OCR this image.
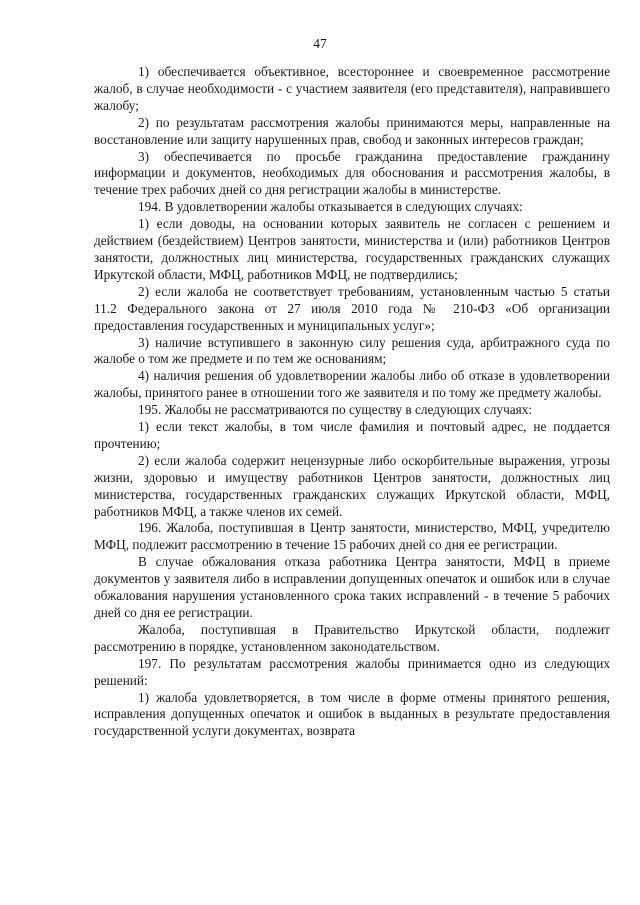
47

1) обеспечивается объективное, всестороннее и своевременное рассмотрение жалоб, в случае необходимости - с участием заявителя (его представителя), направившего жалобу;

2) по результатам рассмотрения жалобы принимаются меры, направленные на восстановление или защиту нарушенных прав, свобод и законных интересов граждан;

3) обеспечивается по просьбе гражданина предоставление гражданину информации и документов, необходимых для обоснования и рассмотрения жалобы, в течение трех рабочих дней со дня регистрации жалобы в министерстве.

194. В удовлетворении жалобы отказывается в следующих случаях:

1) если доводы, на основании которых заявитель не согласен с решением и действием (бездействием) Центров занятости, министерства и (или) работников Центров занятости, должностных лиц министерства, государственных гражданских служащих Иркутской области, МФЦ, работников МФЦ, не подтвердились;

2) если жалоба не соответствует требованиям, установленным частью 5 статьи 11.2 Федерального закона от 27 июля 2010 года № 210-ФЗ «Об организации предоставления государственных и муниципальных услуг»;

3) наличие вступившего в законную силу решения суда, арбитражного суда по жалобе о том же предмете и по тем же основаниям;

4) наличия решения об удовлетворении жалобы либо об отказе в удовлетворении жалобы, принятого ранее в отношении того же заявителя и по тому же предмету жалобы.

195. Жалобы не рассматриваются по существу в следующих случаях:

1) если текст жалобы, в том числе фамилия и почтовый адрес, не поддается прочтению;

2) если жалоба содержит нецензурные либо оскорбительные выражения, угрозы жизни, здоровью и имуществу работников Центров занятости, должностных лиц министерства, государственных гражданских служащих Иркутской области, МФЦ, работников МФЦ, а также членов их семей.

196. Жалоба, поступившая в Центр занятости, министерство, МФЦ, учредителю МФЦ, подлежит рассмотрению в течение 15 рабочих дней со дня ее регистрации.

В случае обжалования отказа работника Центра занятости, МФЦ в приеме документов у заявителя либо в исправлении допущенных опечаток и ошибок или в случае обжалования нарушения установленного срока таких исправлений - в течение 5 рабочих дней со дня ее регистрации.

Жалоба, поступившая в Правительство Иркутской области, подлежит рассмотрению в порядке, установленном законодательством.

197. По результатам рассмотрения жалобы принимается одно из следующих решений:

1) жалоба удовлетворяется, в том числе в форме отмены принятого решения, исправления допущенных опечаток и ошибок в выданных в результате предоставления государственной услуги документах, возврата
